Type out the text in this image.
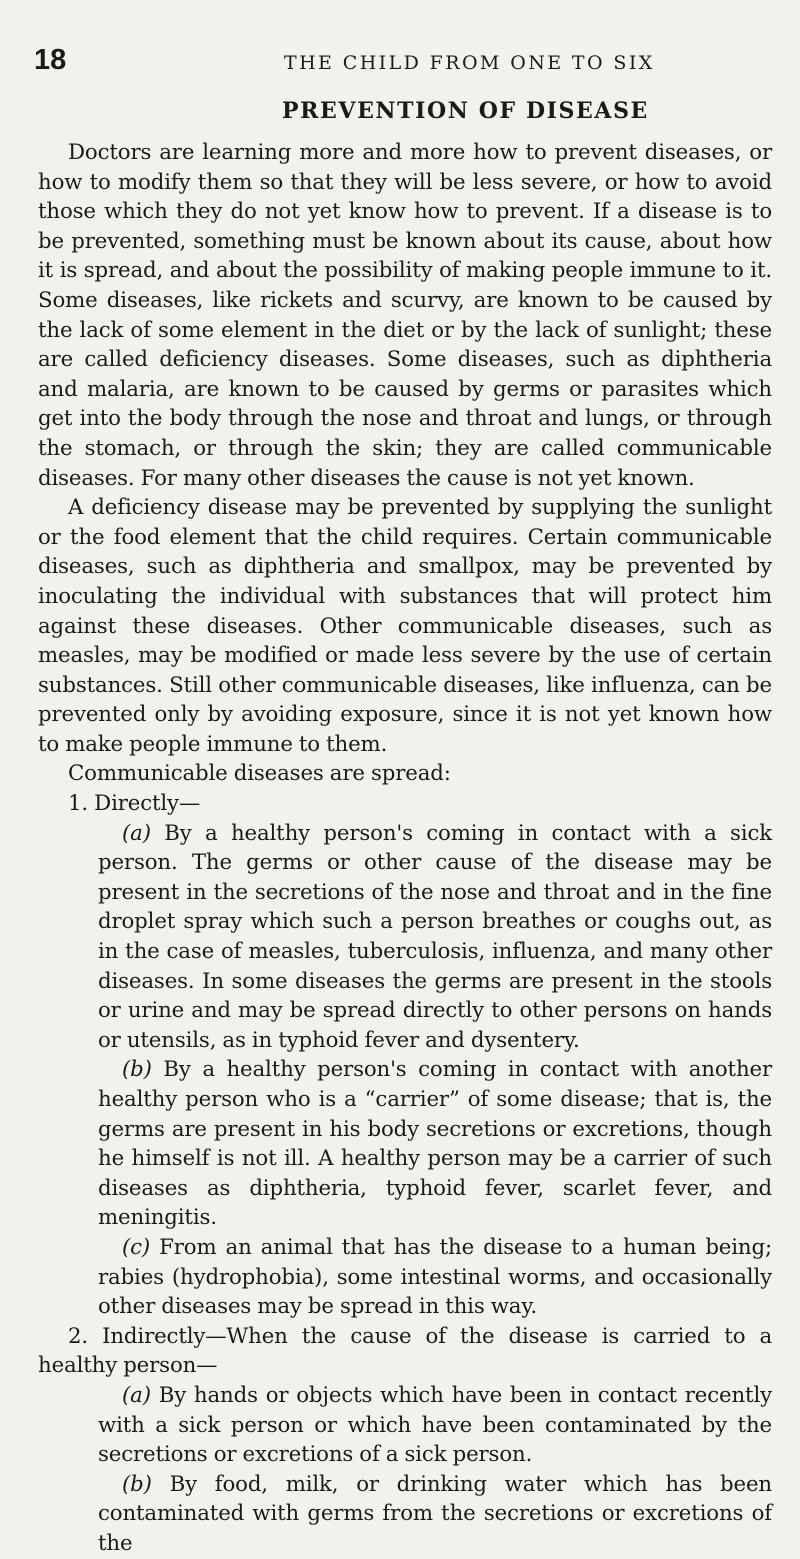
18	THE CHILD FROM ONE TO SIX
PREVENTION OF DISEASE

Doctors are learning more and more how to prevent diseases, or how to modify them so that they will be less severe, or how to avoid those which they do not yet know how to prevent. If a disease is to be prevented, something must be known about its cause, about how it is spread, and about the possibility of making people immune to it. Some diseases, like rickets and scurvy, are known to be caused by the lack of some element in the diet or by the lack of sunlight; these are called deficiency diseases. Some diseases, such as diphtheria and malaria, are known to be caused by germs or parasites which get into the body through the nose and throat and lungs, or through the stomach, or through the skin; they are called communicable diseases. For many other diseases the cause is not yet known.

A deficiency disease may be prevented by supplying the sunlight or the food element that the child requires. Certain communicable diseases, such as diphtheria and smallpox, may be prevented by inoculating the individual with substances that will protect him against these diseases. Other communicable diseases, such as measles, may be modified or made less severe by the use of certain substances. Still other communicable diseases, like influenza, can be prevented only by avoiding exposure, since it is not yet known how to make people immune to them.

Communicable diseases are spread:

1. Directly—

(a) By a healthy person's coming in contact with a sick person. The germs or other cause of the disease may be present in the secretions of the nose and throat and in the fine droplet spray which such a person breathes or coughs out, as in the case of measles, tuberculosis, influenza, and many other diseases. In some diseases the germs are present in the stools or urine and may be spread directly to other persons on hands or utensils, as in typhoid fever and dysentery.

(b) By a healthy person's coming in contact with another healthy person who is a “carrier” of some disease; that is, the germs are present in his body secretions or excretions, though he himself is not ill. A healthy person may be a carrier of such diseases as diphtheria, typhoid fever, scarlet fever, and meningitis.

(c) From an animal that has the disease to a human being; rabies (hydrophobia), some intestinal worms, and occasionally other diseases may be spread in this way.

2. Indirectly—When the cause of the disease is carried to a healthy person—

(a) By hands or objects which have been in contact recently with a sick person or which have been contaminated by the secretions or excretions of a sick person.

(b) By food, milk, or drinking water which has been contaminated with germs from the secretions or excretions of the
